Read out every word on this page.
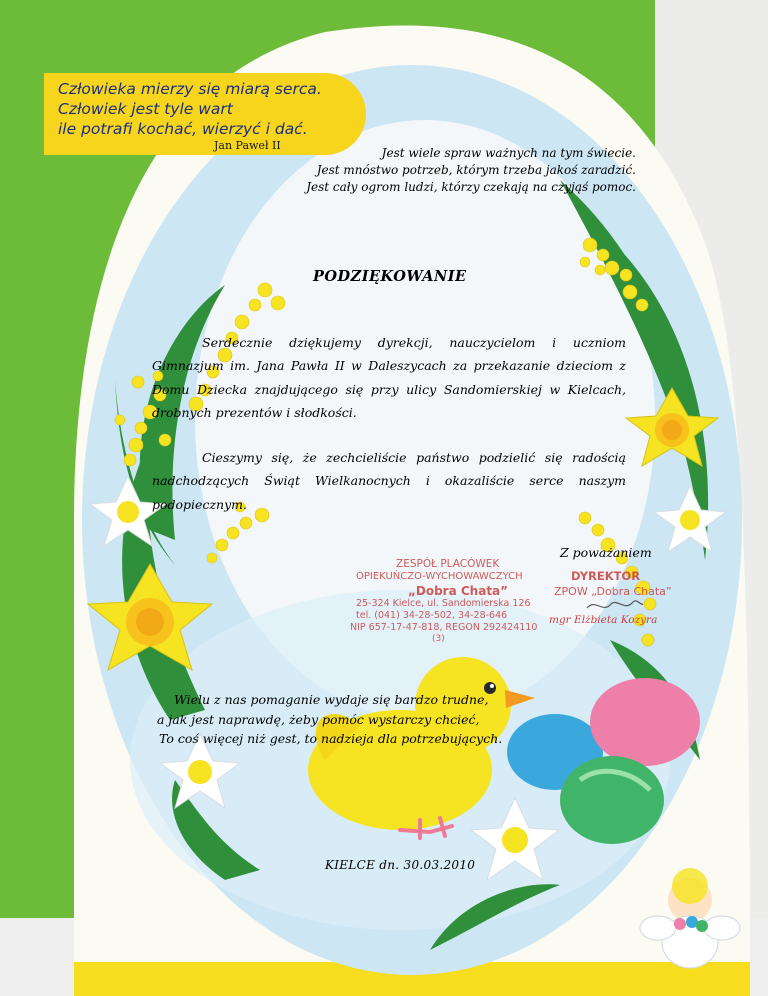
Człowieka mierzy się miarą serca.
Człowiek jest tyle wart
ile potrafi kochać, wierzyć i dać.
Jan Paweł II
Jest wiele spraw ważnych na tym świecie.
Jest mnóstwo potrzeb, którym trzeba jakoś zaradzić.
Jest cały ogrom ludzi, którzy czekają na czyjąś pomoc.
PODZIĘKOWANIE

Serdecznie dziękujemy dyrekcji, nauczycielom i uczniom Gimnazjum im. Jana Pawła II w Daleszycach za przekazanie dzieciom z Domu Dziecka znajdującego się przy ulicy Sandomierskiej w Kielcach, drobnych prezentów i słodkości.

Cieszymy się, że zechcieliście państwo podzielić się radością nadchodzących Świąt Wielkanocnych i okazaliście serce naszym podopiecznym.

ZESPÓŁ PLACÓWEK
OPIEKUŃCZO-WYCHOWAWCZYCH
„Dobra Chata”
25-324 Kielce, ul. Sandomierska 126
tel. (041) 34-28-502, 34-28-646
NIP 657-17-47-818, REGON 292424110
(3)
Z poważaniem
DYREKTOR
ZPOW „Dobra Chata”
mgr Elżbieta Kozyra
Wielu z nas pomaganie wydaje się bardzo trudne,
a jak jest naprawdę, żeby pomóc wystarczy chcieć,
To coś więcej niż gest, to nadzieja dla potrzebujących.
KIELCE dn. 30.03.2010
